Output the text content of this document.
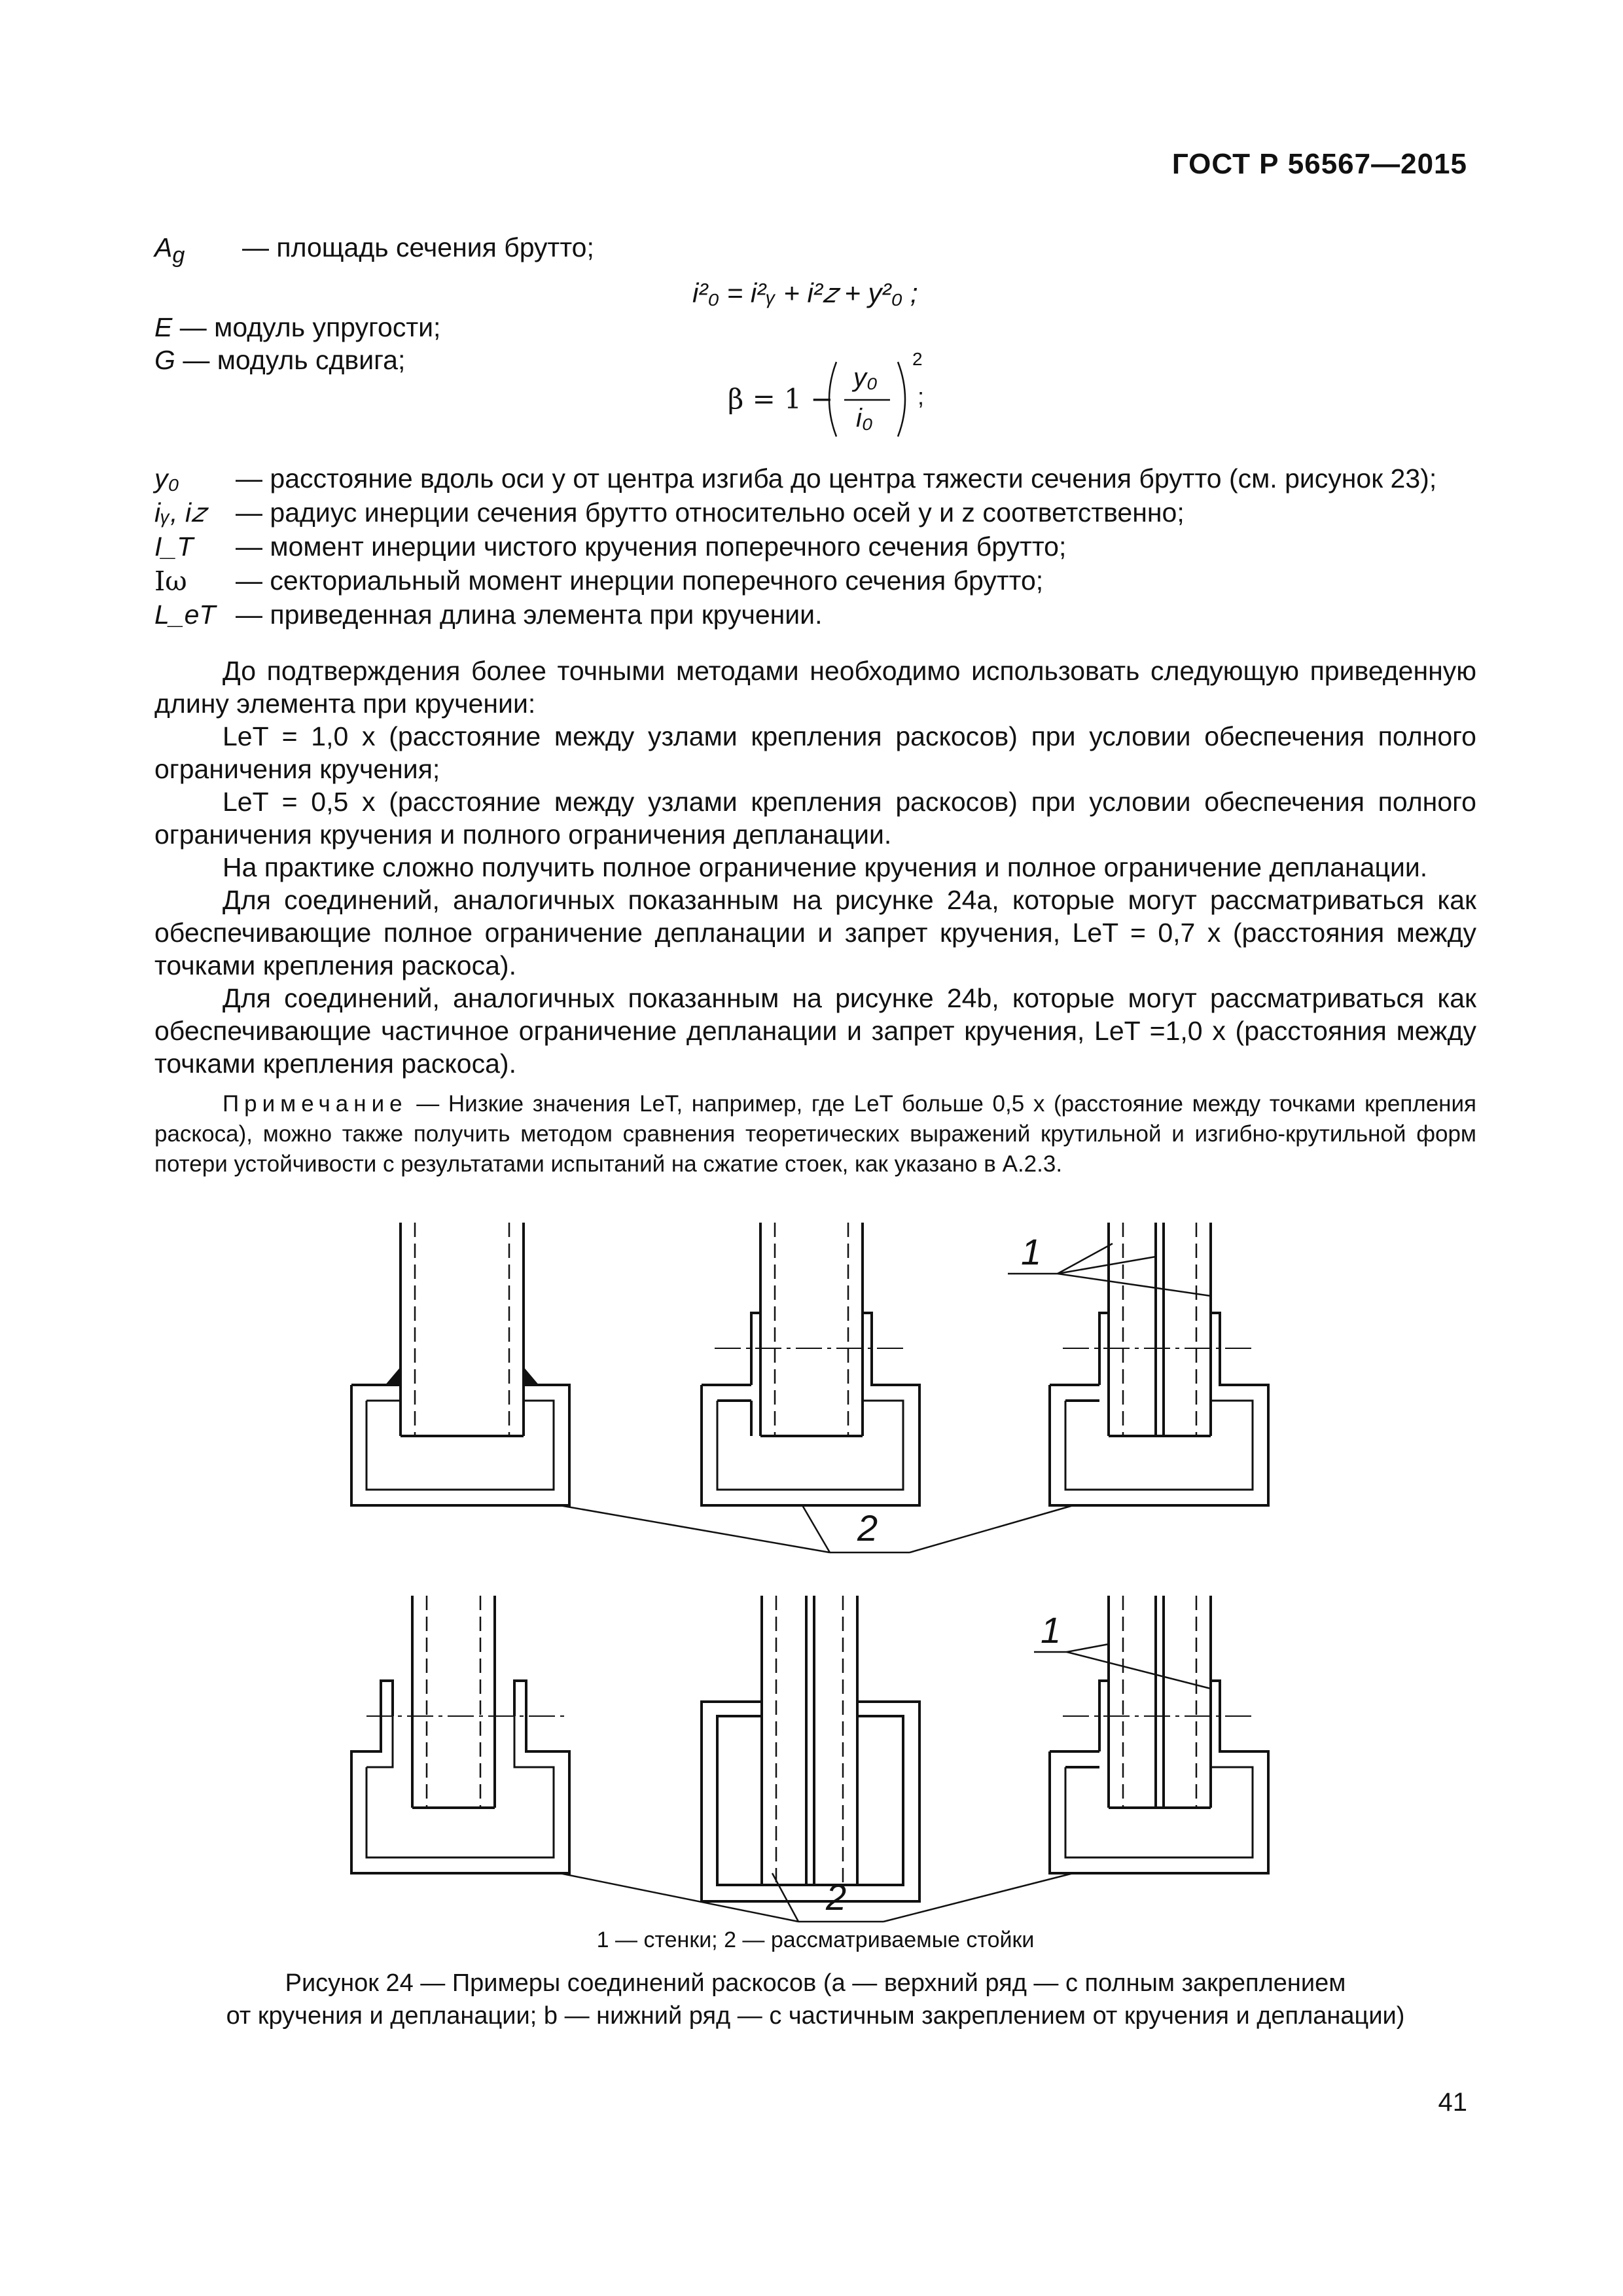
ГОСТ Р 56567—2015
$A_g$ — площадь сечения брутто;
E — модуль упругости;
G — модуль сдвига;
i²₀ = i²ᵧ + i²𝑧 + y²₀ ;
β = 1 −
y₀
i₀
2
;
y₀ — расстояние вдоль оси y от центра изгиба до центра тяжести сечения брутто (см. рисунок 23);
iᵧ, i𝑧 — радиус инерции сечения брутто относительно осей y и z соответственно;
I_T — момент инерции чистого кручения поперечного сечения брутто;
Iω — секториальный момент инерции поперечного сечения брутто;
L_eT — приведенная длина элемента при кручении.

До подтверждения более точными методами необходимо использовать следующую приведенную длину элемента при кручении:

LeT = 1,0 x (расстояние между узлами крепления раскосов) при условии обеспечения полного ограничения кручения;

LeT = 0,5 x (расстояние между узлами крепления раскосов) при условии обеспечения полного ограничения кручения и полного ограничения депланации.

На практике сложно получить полное ограничение кручения и полное ограничение депланации.

Для соединений, аналогичных показанным на рисунке 24а, которые могут рассматриваться как обеспечивающие полное ограничение депланации и запрет кручения, LeT = 0,7 x (расстояния между точками крепления раскоса).

Для соединений, аналогичных показанным на рисунке 24b, которые могут рассматриваться как обеспечивающие частичное ограничение депланации и запрет кручения, LeT =1,0 x (расстояния между точками крепления раскоса).

Примечание — Низкие значения LeT, например, где LeT больше 0,5 x (расстояние между точками крепления раскоса), можно также получить методом сравнения теоретических выражений крутильной и изгибно-крутильной форм потери устойчивости с результатами испытаний на сжатие стоек, как указано в А.2.3.

1
2
1
2
1 — стенки; 2 — рассматриваемые стойки
Рисунок 24 — Примеры соединений раскосов (a — верхний ряд — с полным закреплением
от кручения и депланации; b — нижний ряд — с частичным закреплением от кручения и депланации)
41
